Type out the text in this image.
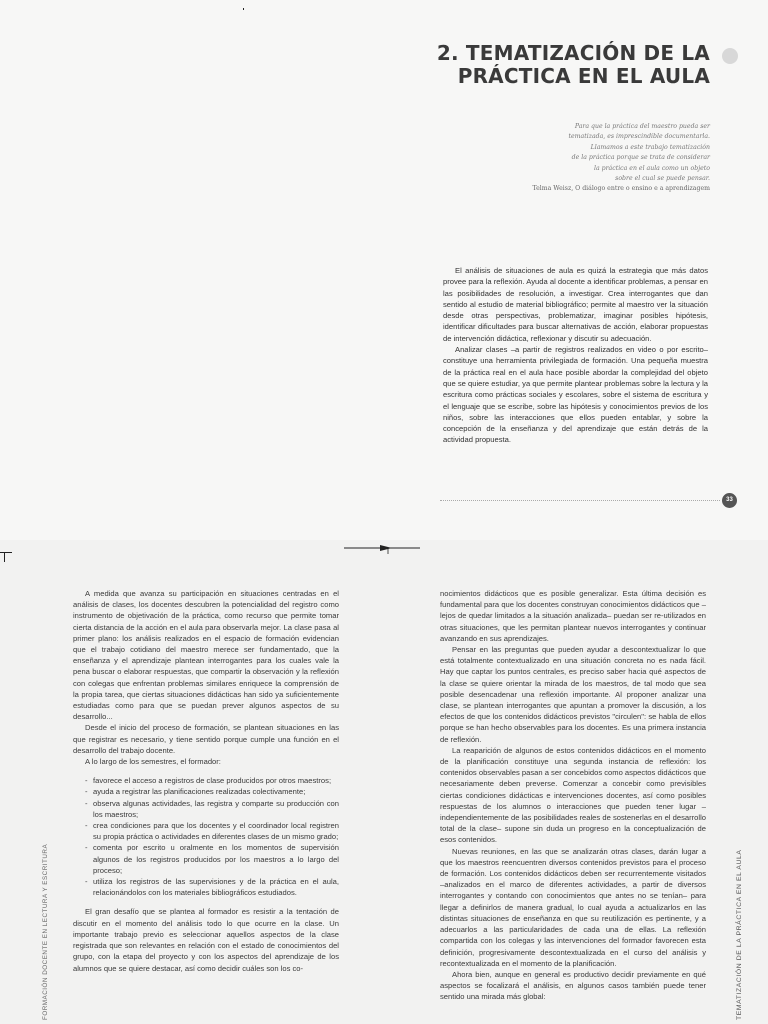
2. TEMATIZACIÓN DE LA
PRÁCTICA EN EL AULA
Para que la práctica del maestro pueda ser
tematizada, es imprescindible documentarla.
Llamamos a este trabajo tematización
de la práctica porque se trata de considerar
la práctica en el aula como un objeto
sobre el cual se puede pensar.
Telma Weisz, O diálogo entre o ensino e a aprendizagem

El análisis de situaciones de aula es quizá la estrategia que más datos provee para la reflexión. Ayuda al docente a identificar problemas, a pensar en las posibilidades de resolución, a investigar. Crea interrogantes que dan sentido al estudio de material bibliográfico; permite al maestro ver la situación desde otras perspectivas, problematizar, imaginar posibles hipótesis, identificar dificultades para buscar alternativas de acción, elaborar propuestas de intervención didáctica, reflexionar y discutir su adecuación.

Analizar clases –a partir de registros realizados en video o por escrito– constituye una herramienta privilegiada de formación. Una pequeña muestra de la práctica real en el aula hace posible abordar la complejidad del objeto que se quiere estudiar, ya que permite plantear problemas sobre la lectura y la escritura como prácticas sociales y escolares, sobre el sistema de escritura y el lenguaje que se escribe, sobre las hipótesis y conocimientos previos de los niños, sobre las interacciones que ellos pueden entablar, y sobre la concepción de la enseñanza y del aprendizaje que están detrás de la actividad propuesta.

33

A medida que avanza su participación en situaciones centradas en el análisis de clases, los docentes descubren la potencialidad del registro como instrumento de objetivación de la práctica, como recurso que permite tomar cierta distancia de la acción en el aula para observarla mejor. La clase pasa al primer plano: los análisis realizados en el espacio de formación evidencian que el trabajo cotidiano del maestro merece ser fundamentado, que la enseñanza y el aprendizaje plantean interrogantes para los cuales vale la pena buscar o elaborar respuestas, que compartir la observación y la reflexión con colegas que enfrentan problemas similares enriquece la comprensión de la propia tarea, que ciertas situaciones didácticas han sido ya suficientemente estudiadas como para que se puedan prever algunos aspectos de su desarrollo...

Desde el inicio del proceso de formación, se plantean situaciones en las que registrar es necesario, y tiene sentido porque cumple una función en el desarrollo del trabajo docente.

A lo largo de los semestres, el formador:

- favorece el acceso a registros de clase producidos por otros maestros;
- ayuda a registrar las planificaciones realizadas colectivamente;
- observa algunas actividades, las registra y comparte su producción con los maestros;
- crea condiciones para que los docentes y el coordinador local registren su propia práctica o actividades en diferentes clases de un mismo grado;
- comenta por escrito u oralmente en los momentos de supervisión algunos de los registros producidos por los maestros a lo largo del proceso;
- utiliza los registros de las supervisiones y de la práctica en el aula, relacionándolos con los materiales bibliográficos estudiados.

El gran desafío que se plantea al formador es resistir a la tentación de discutir en el momento del análisis todo lo que ocurre en la clase. Un importante trabajo previo es seleccionar aquellos aspectos de la clase registrada que son relevantes en relación con el estado de conocimientos del grupo, con la etapa del proyecto y con los aspectos del aprendizaje de los alumnos que se quiere destacar, así como decidir cuáles son los co-

nocimientos didácticos que es posible generalizar. Esta última decisión es fundamental para que los docentes construyan conocimientos didácticos que –lejos de quedar limitados a la situación analizada– puedan ser re-utilizados en otras situaciones, que les permitan plantear nuevos interrogantes y continuar avanzando en sus aprendizajes.

Pensar en las preguntas que pueden ayudar a descontextualizar lo que está totalmente contextualizado en una situación concreta no es nada fácil. Hay que captar los puntos centrales, es preciso saber hacia qué aspectos de la clase se quiere orientar la mirada de los maestros, de tal modo que sea posible desencadenar una reflexión importante. Al proponer analizar una clase, se plantean interrogantes que apuntan a promover la discusión, a los efectos de que los contenidos didácticos previstos "circulen": se habla de ellos porque se han hecho observables para los docentes. Es una primera instancia de reflexión.

La reaparición de algunos de estos contenidos didácticos en el momento de la planificación constituye una segunda instancia de reflexión: los contenidos observables pasan a ser concebidos como aspectos didácticos que necesariamente deben preverse. Comenzar a concebir como previsibles ciertas condiciones didácticas e intervenciones docentes, así como posibles respuestas de los alumnos o interacciones que pueden tener lugar –independientemente de las posibilidades reales de sostenerlas en el desarrollo total de la clase– supone sin duda un progreso en la conceptualización de esos contenidos.

Nuevas reuniones, en las que se analizarán otras clases, darán lugar a que los maestros reencuentren diversos contenidos previstos para el proceso de formación. Los contenidos didácticos deben ser recurrentemente visitados –analizados en el marco de diferentes actividades, a partir de diversos interrogantes y contando con conocimientos que antes no se tenían– para llegar a definirlos de manera gradual, lo cual ayuda a actualizarlos en las distintas situaciones de enseñanza en que su reutilización es pertinente, y a adecuarlos a las particularidades de cada una de ellas. La reflexión compartida con los colegas y las intervenciones del formador favorecen esta definición, progresivamente descontextualizada en el curso del análisis y recontextualizada en el momento de la planificación.

Ahora bien, aunque en general es productivo decidir previamente en qué aspectos se focalizará el análisis, en algunos casos también puede tener sentido una mirada más global:

FORMACIÓN DOCENTE EN LECTURA Y ESCRITURA	TEMATIZACIÓN DE LA PRÁCTICA EN EL AULA
